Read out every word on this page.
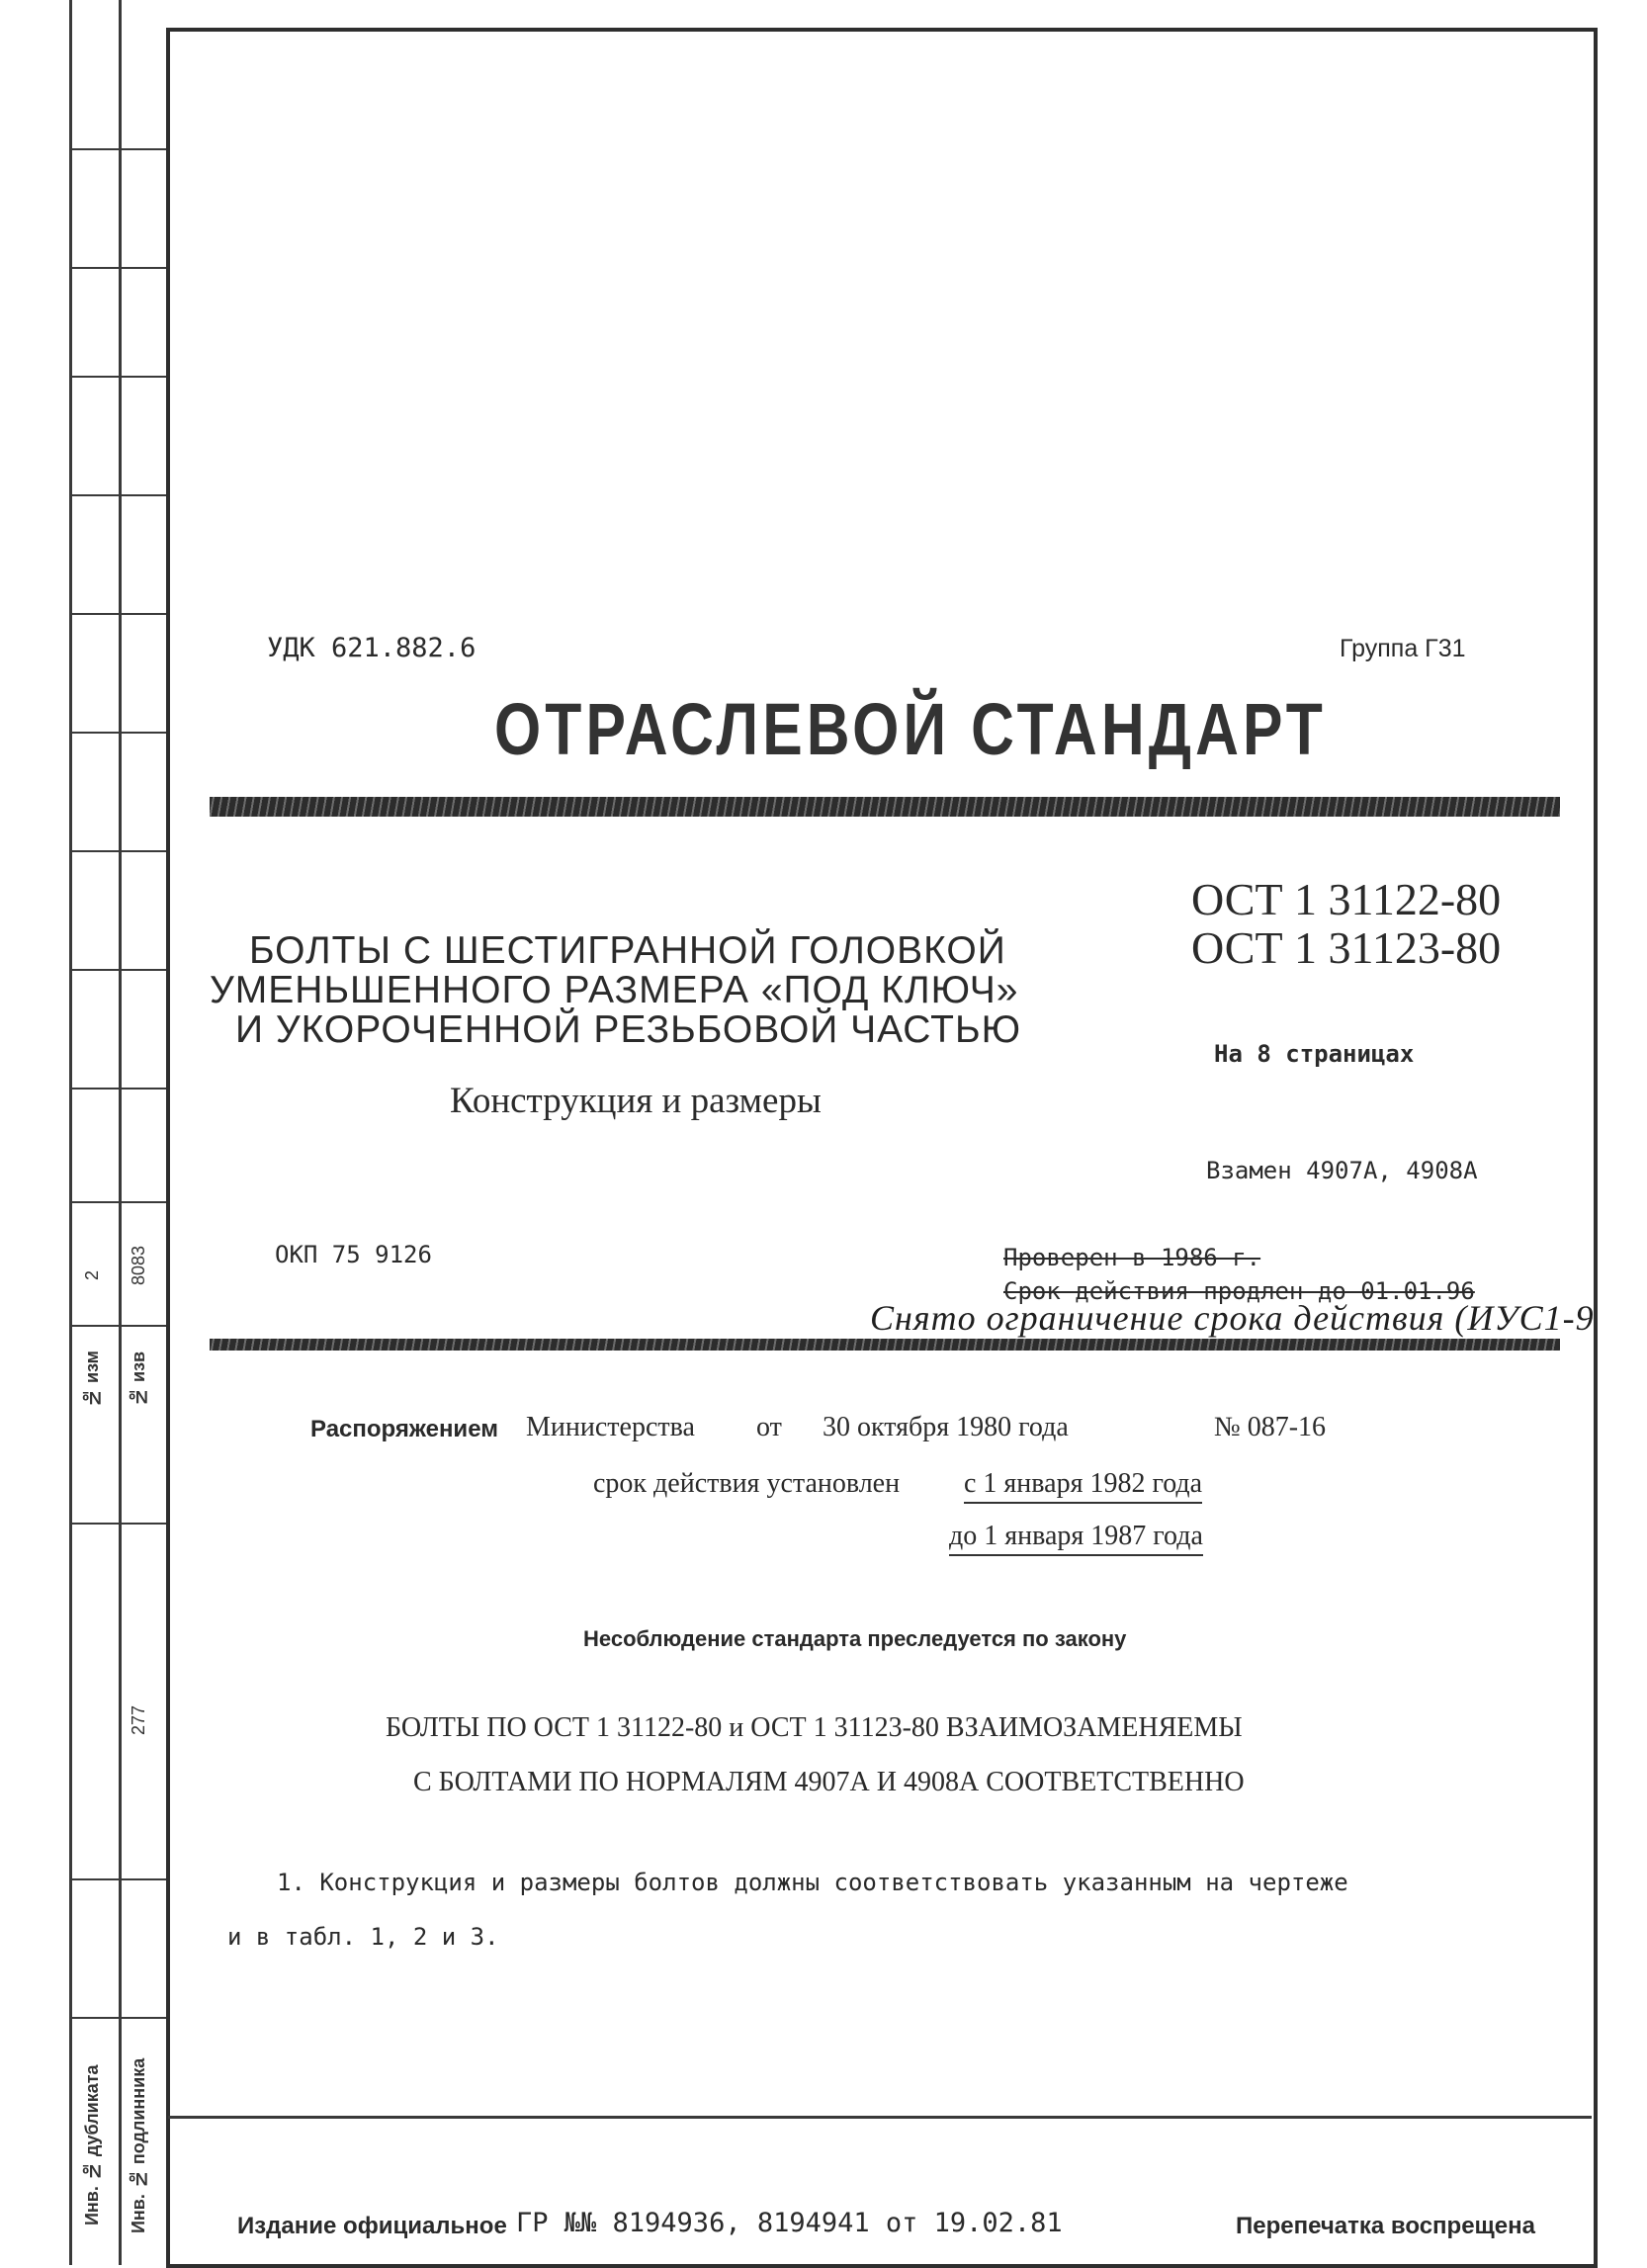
2	8083
№ изм	№ изв
277
Инв. № дубликата	Инв. № подлинника
УДК 621.882.6	Группа Г31
ОТРАСЛЕВОЙ СТАНДАРТ
ОСТ 1 31122-80
ОСТ 1 31123-80
БОЛТЫ С ШЕСТИГРАННОЙ ГОЛОВКОЙ
УМЕНЬШЕННОГО РАЗМЕРА «ПОД КЛЮЧ»
И УКОРОЧЕННОЙ РЕЗЬБОВОЙ ЧАСТЬЮ
Конструкция и размеры
На 8 страницах
Взамен 4907А, 4908А
ОКП 75 9126	Проверен в 1986 г.
Срок действия продлен до 01.01.96
Снято ограничение срока действия (ИУС1-9
Распоряжением Министерства от 30 октября 1980 года	№ 087-16
срок действия установлен с 1 января 1982 года
до 1 января 1987 года
Несоблюдение стандарта преследуется по закону
БОЛТЫ ПО ОСТ 1 31122-80 и ОСТ 1 31123-80 ВЗАИМОЗАМЕНЯЕМЫ
С БОЛТАМИ ПО НОРМАЛЯМ 4907А И 4908А СООТВЕТСТВЕННО
1. Конструкция и размеры болтов должны соответствовать указанным на чертеже
и в табл. 1, 2 и 3.
Издание официальное ГР №№ 8194936, 8194941 от 19.02.81	Перепечатка воспрещена
